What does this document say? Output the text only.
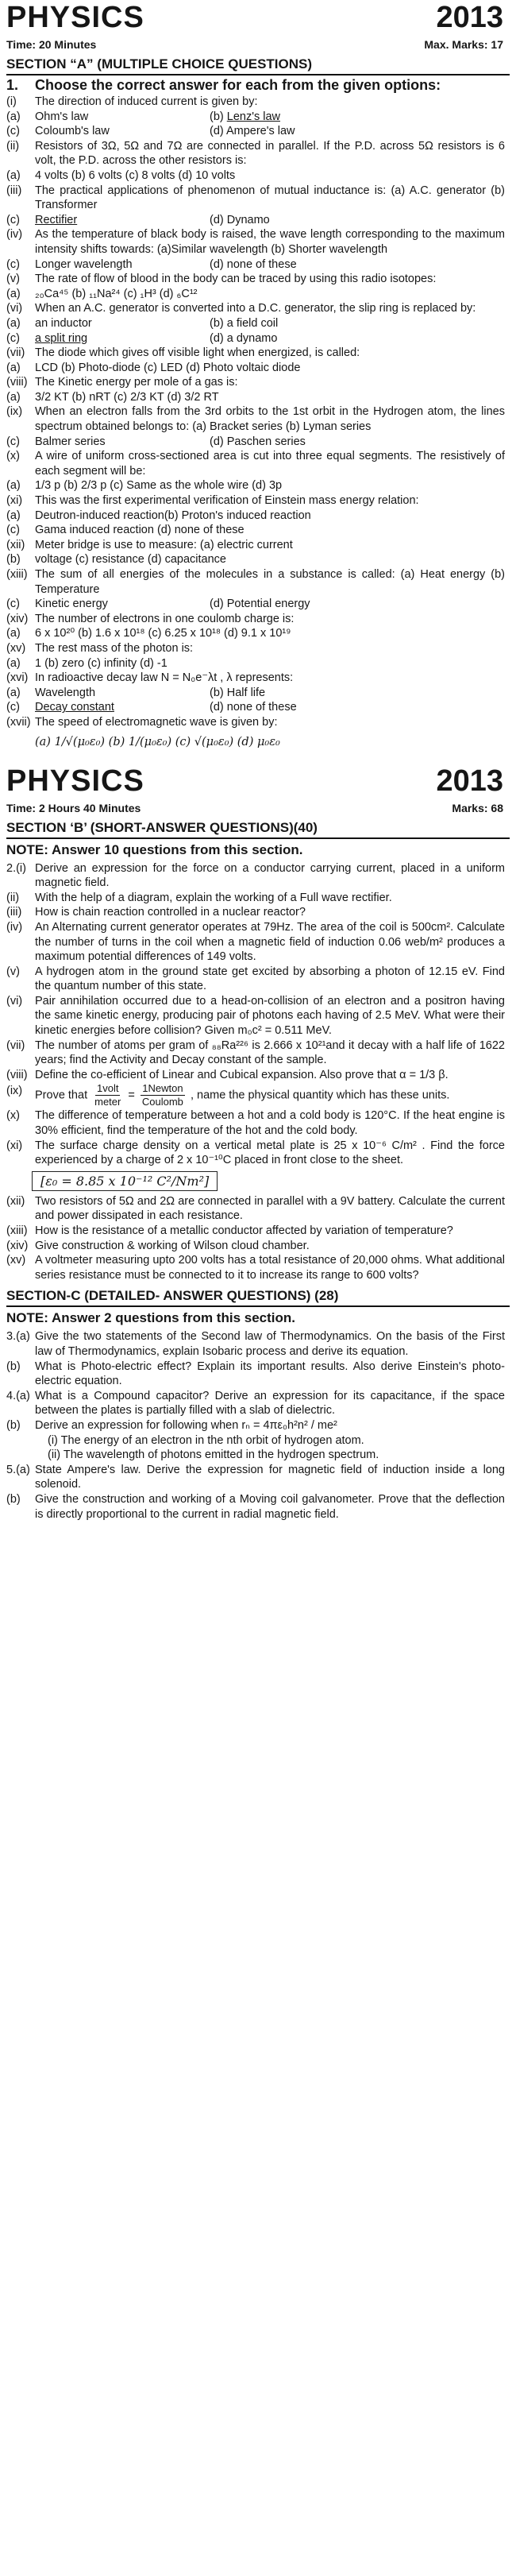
PHYSICS	2013
Time: 20 Minutes	Max. Marks: 17
SECTION “A” (MULTIPLE CHOICE QUESTIONS)
1.	Choose the correct answer for each from the given options:
(i)	The direction of induced current is given by:
(a)	Ohm's law	(b) Lenz's law
(c)	Coloumb's law	(d) Ampere's law
(ii)	Resistors of 3Ω, 5Ω and 7Ω are connected in parallel. If the P.D. across 5Ω resistors is 6 volt, the P.D. across the other resistors is:
(a)	4 volts (b) 6 volts (c) 8 volts (d) 10 volts
(iii)	The practical applications of phenomenon of mutual inductance is: (a) A.C. generator (b) Transformer
(c)	Rectifier	(d) Dynamo
(iv)	As the temperature of black body is raised, the wave length corresponding to the maximum intensity shifts towards: (a)Similar wavelength (b) Shorter wavelength
(c)	Longer wavelength	(d) none of these
(v)	The rate of flow of blood in the body can be traced by using this radio isotopes:
(a)	₂₀Ca⁴⁵ (b) ₁₁Na²⁴ (c) ₁H³ (d) ₆C¹²
(vi)	When an A.C. generator is converted into a D.C. generator, the slip ring is replaced by:
(a)	an inductor	(b) a field coil
(c)	a split ring	(d) a dynamo
(vii) The diode which gives off visible light when energized, is called:
(a)	LCD (b) Photo-diode (c) LED (d) Photo voltaic diode
(viii) The Kinetic energy per mole of a gas is:
(a)	3/2 KT (b) nRT (c) 2/3 KT (d) 3/2 RT
(ix)	When an electron falls from the 3rd orbits to the 1st orbit in the Hydrogen atom, the lines spectrum obtained belongs to: (a) Bracket series (b) Lyman series
(c)	Balmer series	(d) Paschen series
(x)	A wire of uniform cross-sectioned area is cut into three equal segments. The resistively of each segment will be:
(a)	1/3 p (b) 2/3 p (c) Same as the whole wire (d) 3p
(xi)	This was the first experimental verification of Einstein mass energy relation:
(a)	Deutron-induced reaction(b) Proton's induced reaction
(c)	Gama induced reaction (d) none of these
(xii) Meter bridge is use to measure: (a) electric current
(b)	voltage (c) resistance (d) capacitance
(xiii) The sum of all energies of the molecules in a substance is called: (a) Heat energy (b) Temperature
(c)	Kinetic energy	(d) Potential energy
(xiv) The number of electrons in one coulomb charge is:
(a)	6 x 10²⁰ (b) 1.6 x 10¹⁸ (c) 6.25 x 10¹⁸ (d) 9.1 x 10¹⁹
(xv) The rest mass of the photon is:
(a)	1 (b) zero (c) infinity (d) -1
(xvi) In radioactive decay law N = N₀e⁻λt , λ represents:
(a)	Wavelength	(b) Half life
(c)	Decay constant	(d) none of these
(xvii) The speed of electromagnetic wave is given by:
(a) 1/√(μ₀ε₀) (b) 1/(μ₀ε₀) (c) √(μ₀ε₀) (d) μ₀ε₀
PHYSICS	2013
Time: 2 Hours 40 Minutes	Marks: 68
SECTION ‘B’ (SHORT-ANSWER QUESTIONS)(40)
NOTE: Answer 10 questions from this section.
2.(i) Derive an expression for the force on a conductor carrying current, placed in a uniform magnetic field.
(ii)	With the help of a diagram, explain the working of a Full wave rectifier.
(iii)	How is chain reaction controlled in a nuclear reactor?
(iv)	An Alternating current generator operates at 79Hz. The area of the coil is 500cm². Calculate the number of turns in the coil when a magnetic field of induction 0.06 web/m² produces a maximum potential differences of 149 volts.
(v)	A hydrogen atom in the ground state get excited by absorbing a photon of 12.15 eV. Find the quantum number of this state.
(vi)	Pair annihilation occurred due to a head-on-collision of an electron and a positron having the same kinetic energy, producing pair of photons each having of 2.5 MeV. What were their kinetic energies before collision? Given m₀c² = 0.511 MeV.
(vii) The number of atoms per gram of ₈₈Ra²²⁶ is 2.666 x 10²¹and it decay with a half life of 1622 years; find the Activity and Decay constant of the sample.
(viii) Define the co-efficient of Linear and Cubical expansion. Also prove that α = 1/3 β.
(ix)	Prove that $\frac{\text{1volt}}{\text{meter}} = \frac{\text{1Newton}}{\text{Coulomb}}$ , name the physical quantity which has these units.
(x)	The difference of temperature between a hot and a cold body is 120°C. If the heat engine is 30% efficient, find the temperature of the hot and the cold body.
(xi)	The surface charge density on a vertical metal plate is 25 x 10⁻⁶ C/m² . Find the force experienced by a charge of 2 x 10⁻¹⁰C placed in front close to the sheet.
[ε₀ = 8.85 x 10⁻¹² C²/Nm²]
(xii) Two resistors of 5Ω and 2Ω are connected in parallel with a 9V battery. Calculate the current and power dissipated in each resistance.
(xiii) How is the resistance of a metallic conductor affected by variation of temperature?
(xiv) Give construction & working of Wilson cloud chamber.
(xv) A voltmeter measuring upto 200 volts has a total resistance of 20,000 ohms. What additional series resistance must be connected to it to increase its range to 600 volts?
SECTION-C (DETAILED- ANSWER QUESTIONS) (28)
NOTE: Answer 2 questions from this section.
3.(a) Give the two statements of the Second law of Thermodynamics. On the basis of the First law of Thermodynamics, explain Isobaric process and derive its equation.
(b)	What is Photo-electric effect? Explain its important results. Also derive Einstein's photo-electric equation.
4.(a) What is a Compound capacitor? Derive an expression for its capacitance, if the space between the plates is partially filled with a slab of dielectric.
(b)	Derive an expression for following when rₙ = 4πε₀h²n² / me²
(i) The energy of an electron in the nth orbit of hydrogen atom.
(ii) The wavelength of photons emitted in the hydrogen spectrum.
5.(a) State Ampere's law. Derive the expression for magnetic field of induction inside a long solenoid.
(b)	Give the construction and working of a Moving coil galvanometer. Prove that the deflection is directly proportional to the current in radial magnetic field.
